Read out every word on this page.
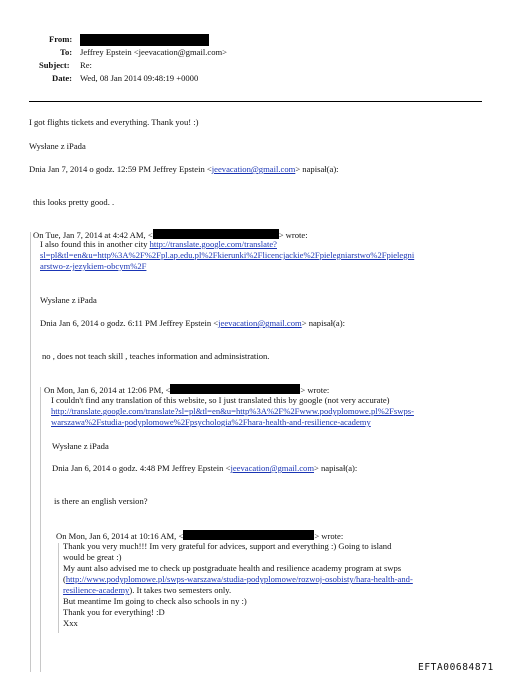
From:
To: Jeffrey Epstein <jeevacation@gmail.com>
Subject: Re:
Date: Wed, 08 Jan 2014 09:48:19 +0000
I got flights tickets and everything. Thank you! :)
Wysłane z iPada
Dnia Jan 7, 2014 o godz. 12:59 PM Jeffrey Epstein <jeevacation@gmail.com> napisał(a):
this looks pretty good. .
On Tue, Jan 7, 2014 at 4:42 AM, <	> wrote:
I also found this in another city http://translate.google.com/translate?
sl=pl&tl=en&u=http%3A%2F%2Fpl.ap.edu.pl%2Fkierunki%2Flicencjackie%2Fpielegniarstwo%2Fpielegni
arstwo-z-jezykiem-obcym%2F
Wysłane z iPada
Dnia Jan 6, 2014 o godz. 6:11 PM Jeffrey Epstein <jeevacation@gmail.com> napisał(a):
no , does not teach skill , teaches information and adminsistration.
On Mon, Jan 6, 2014 at 12:06 PM, <	> wrote:
I couldn't find any translation of this website, so I just translated this by google (not very accurate)
http://translate.google.com/translate?sl=pl&tl=en&u=http%3A%2F%2Fwww.podyplomowe.pl%2Fswps-
warszawa%2Fstudia-podyplomowe%2Fpsychologia%2Fhara-health-and-resilience-academy
Wysłane z iPada
Dnia Jan 6, 2014 o godz. 4:48 PM Jeffrey Epstein <jeevacation@gmail.com> napisał(a):
is there an english version?
On Mon, Jan 6, 2014 at 10:16 AM, <	> wrote:
Thank you very much!!! Im very grateful for advices, support and everything :) Going to island
would be great :)
My aunt also advised me to check up postgraduate health and resilience academy program at swps
(http://www.podyplomowe.pl/swps-warszawa/studia-podyplomowe/rozwoj-osobisty/hara-health-and-
resilience-academy). It takes two semesters only.
But meantime Im going to check also schools in ny :)
Thank you for everything! :D
Xxx
EFTA00684871
